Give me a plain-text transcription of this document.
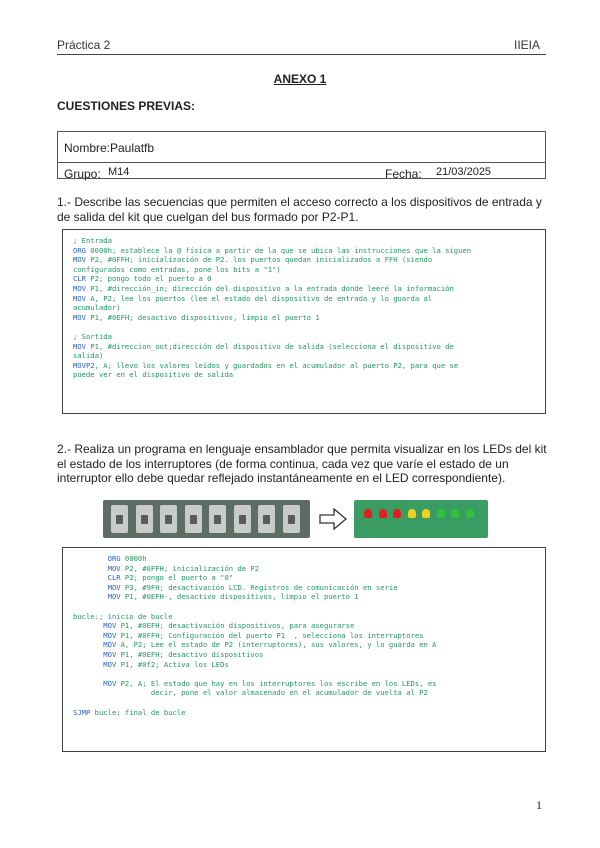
Práctica 2	IIEIA
ANEXO 1
CUESTIONES PREVIAS:
Nombre: Paulatfb
Grupo: M14	Fecha: 21/03/2025
1.- Describe las secuencias que permiten el acceso correcto a los dispositivos de entrada y de salida del kit que cuelgan del bus formado por P2-P1.
; Entrada
ORG 0000h; establece la @ física a partir de la que se ubica las instrucciones que la siguen
MOV P2, #0FFH; inicialización de P2. los puertos quedan inicializados a FFH (siendo
configurados como entradas, pone los bits a "1")
CLR P2; pongo todo el puerto a 0
MOV P1, #dirección_in; dirección del dispositivo a la entrada donde leeré la información
MOV A, P2; lee los puertos (lee el estado del dispositivo de entrada y lo guarda al
acumulador)
MOV P1, #0EFH; desactivo dispositivos, limpio el puerto 1

; Sortida
MOV P1, #direccion_out;dirección del dispositivo de salida (selecciona el dispositivo de
salida)
MOVP2, A; llevo los valores leídos y guardados en el acumulador al puerto P2, para que se
puede ver en el dispositivo de salida
2.- Realiza un programa en lenguaje ensamblador que permita visualizar en los LEDs del kit el estado de los interruptores (de forma continua, cada vez que varíe el estado de un interruptor ello debe quedar reflejado instantáneamente en el LED correspondiente).
ORG 0000h
MOV P2, #0FFH; inicialización de P2
CLR P2; pongo el puerto a "0"
MOV P3, #9FH; desactivación LCD. Registros de comunicación en serie
MOV P1, #0EFH-, desactivo dispositivos, limpio el puerto 1

bucle:; inicio de bucle
MOV P1, #0EFH; desactivación dispositivos, para asegurarse
MOV P1, #0FFH; Configuración del puerto P1  , selecciona los interruptores
MOV A, P2; Lee el estado de P2 (interruptores), sus valores, y lo guarda en A
MOV P1, #0EFH; desactivo dispositivos
MOV P1, #0f2; Activa los LEDs

MOV P2, A; El estado que hay en los interruptores los escribe en los LEDs, es
decir, pone el valor almacenado en el acumulador de vuelta al P2

SJMP bucle; final de bucle
1
